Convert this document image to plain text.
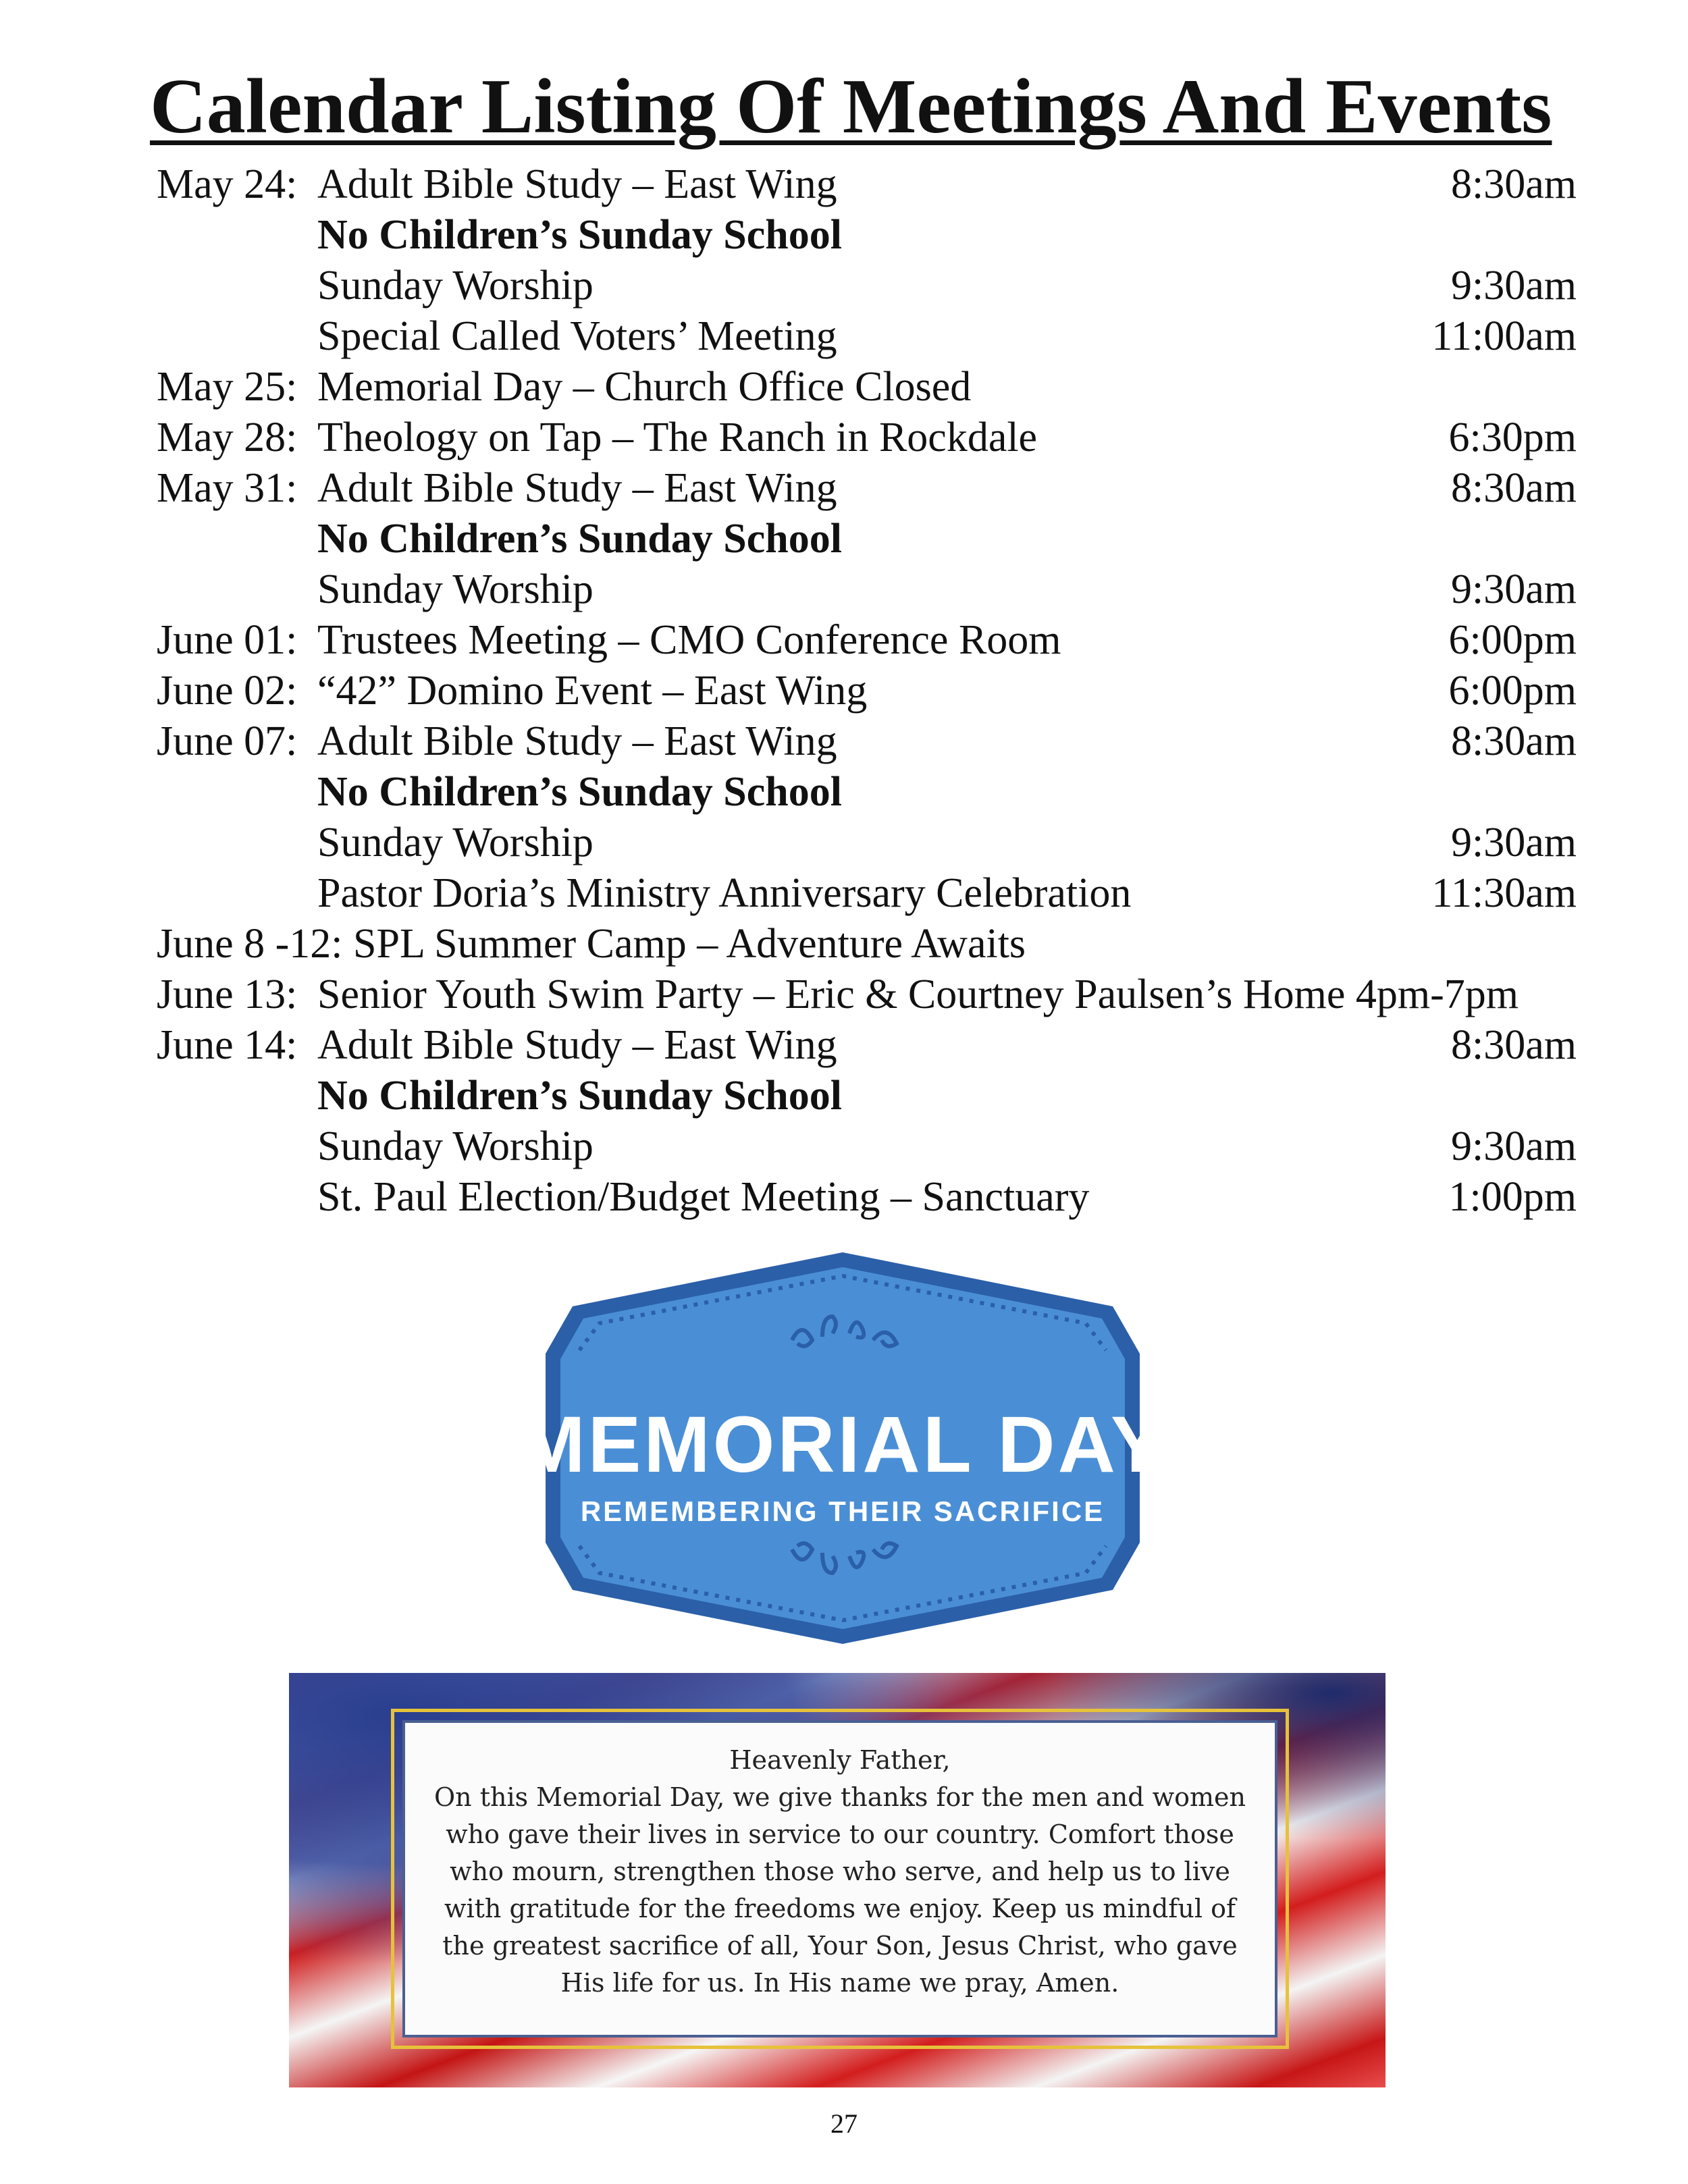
Calendar Listing Of Meetings And Events
May 24: Adult Bible Study – East Wing	8:30am
No Children’s Sunday School
Sunday Worship	9:30am
Special Called Voters’ Meeting	11:00am
May 25: Memorial Day – Church Office Closed
May 28: Theology on Tap – The Ranch in Rockdale	6:30pm
May 31: Adult Bible Study – East Wing	8:30am
No Children’s Sunday School
Sunday Worship	9:30am
June 01: Trustees Meeting – CMO Conference Room	6:00pm
June 02: “42” Domino Event – East Wing	6:00pm
June 07: Adult Bible Study – East Wing	8:30am
No Children’s Sunday School
Sunday Worship	9:30am
Pastor Doria’s Ministry Anniversary Celebration	11:30am
June 8 -12: SPL Summer Camp – Adventure Awaits
June 13: Senior Youth Swim Party – Eric & Courtney Paulsen’s Home 4pm-7pm
June 14: Adult Bible Study – East Wing	8:30am
No Children’s Sunday School
Sunday Worship	9:30am
St. Paul Election/Budget Meeting – Sanctuary	1:00pm
MEMORIAL DAY
REMEMBERING THEIR SACRIFICE
Heavenly Father,
On this Memorial Day, we give thanks for the men and women
who gave their lives in service to our country. Comfort those
who mourn, strengthen those who serve, and help us to live
with gratitude for the freedoms we enjoy. Keep us mindful of
the greatest sacrifice of all, Your Son, Jesus Christ, who gave
His life for us. In His name we pray, Amen.
27
